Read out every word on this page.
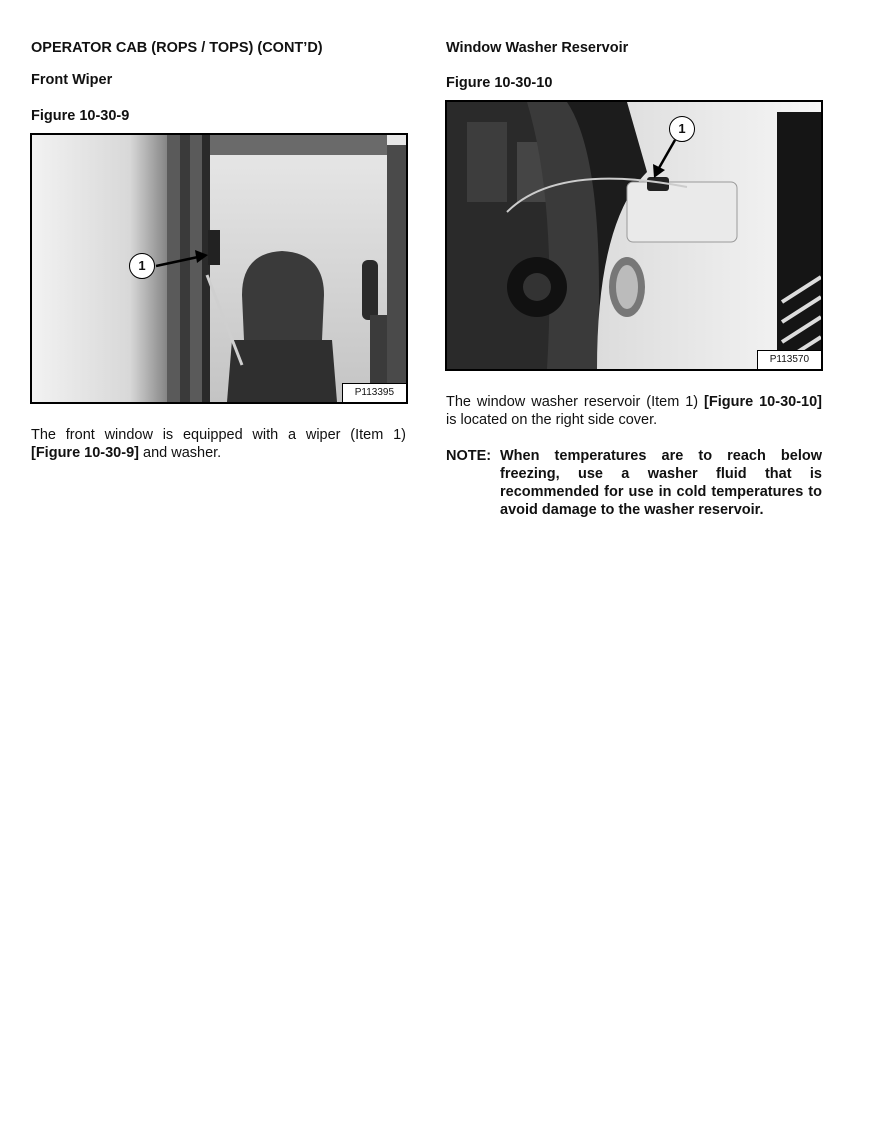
OPERATOR CAB (ROPS / TOPS) (CONT’D)
Front Wiper
Figure 10-30-9
1
P113395
The front window is equipped with a wiper (Item 1) [Figure 10-30-9] and washer.
Window Washer Reservoir
Figure 10-30-10
1
P113570
The window washer reservoir (Item 1) [Figure 10-30-10] is located on the right side cover.
NOTE: When temperatures are to reach below freezing, use a washer fluid that is recommended for use in cold temperatures to avoid damage to the washer reservoir.
